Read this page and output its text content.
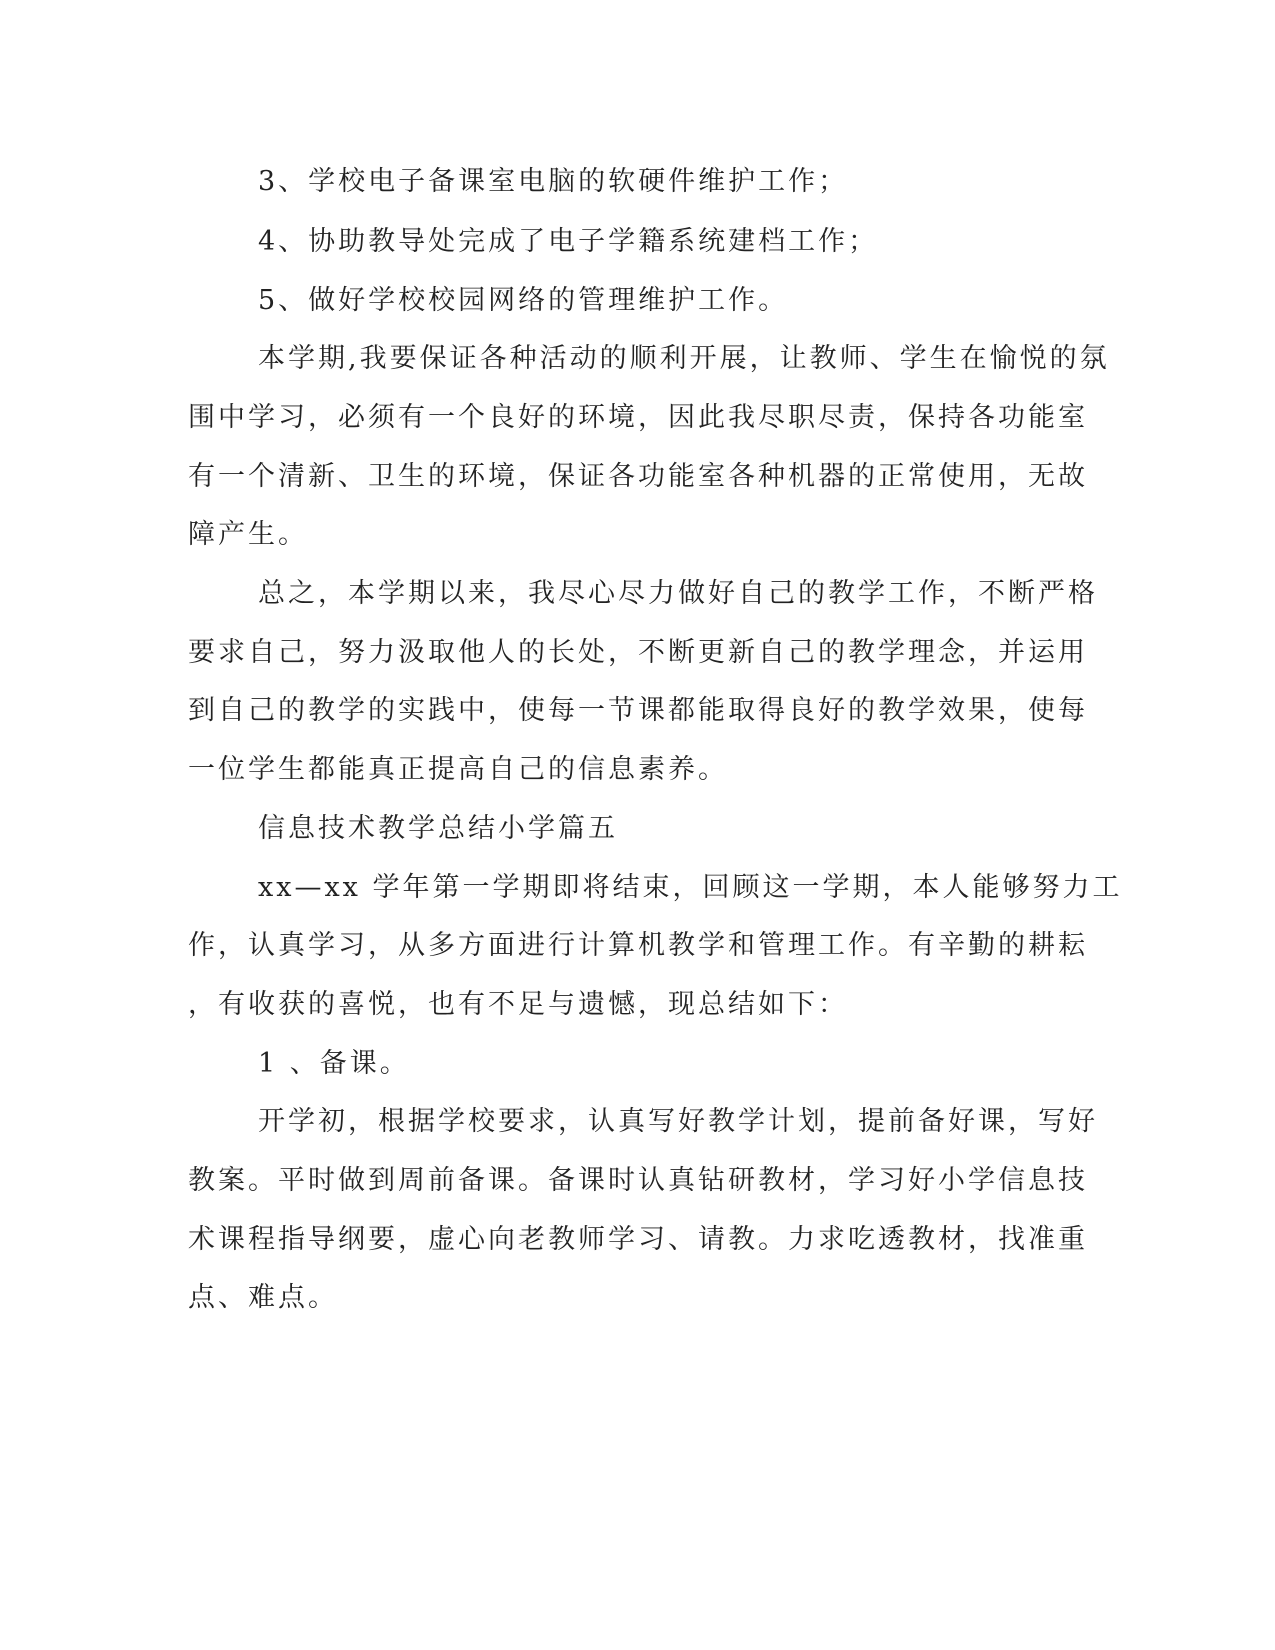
3、学校电子备课室电脑的软硬件维护工作；
4、协助教导处完成了电子学籍系统建档工作；
5、做好学校校园网络的管理维护工作。
本学期,我要保证各种活动的顺利开展，让教师、学生在愉悦的氛
围中学习，必须有一个良好的环境，因此我尽职尽责，保持各功能室
有一个清新、卫生的环境，保证各功能室各种机器的正常使用，无故
障产生。
总之，本学期以来，我尽心尽力做好自己的教学工作，不断严格
要求自己，努力汲取他人的长处，不断更新自己的教学理念，并运用
到自己的教学的实践中，使每一节课都能取得良好的教学效果，使每
一位学生都能真正提高自己的信息素养。
信息技术教学总结小学篇五
xx—xx 学年第一学期即将结束，回顾这一学期，本人能够努力工
作，认真学习，从多方面进行计算机教学和管理工作。有辛勤的耕耘
，有收获的喜悦，也有不足与遗憾，现总结如下：
1 、备课。
开学初，根据学校要求，认真写好教学计划，提前备好课，写好
教案。平时做到周前备课。备课时认真钻研教材，学习好小学信息技
术课程指导纲要，虚心向老教师学习、请教。力求吃透教材，找准重
点、难点。
